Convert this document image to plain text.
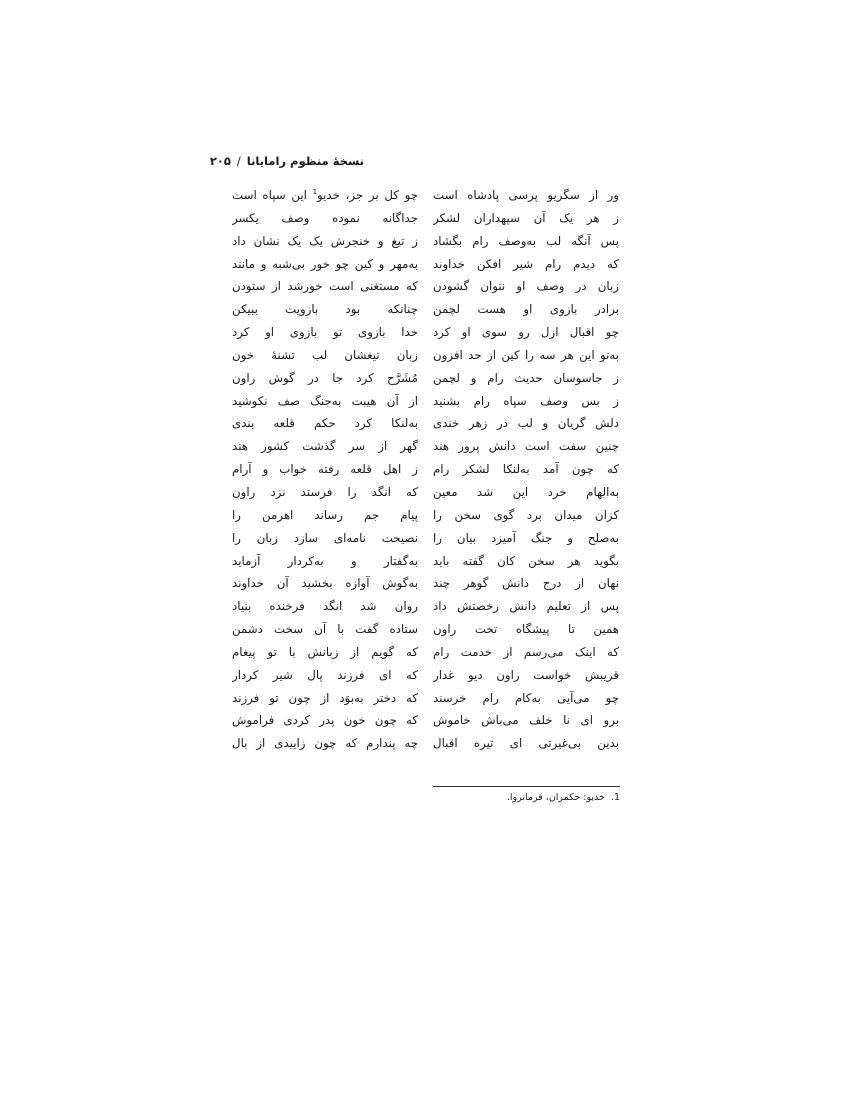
نسخهٔ منظوم رامایانا
/
۲۰۵
ور از سگریو پرسی پادشاه است
ز هر یک آن سپهداران لشکر
پس آنگه لب به‌وصف رام بگشاد
که دیدم رام شیر افکن خداوند
زبان در وصف او نتوان گشودن
برادر بازوی او هست لچمن
چو اقبال ازل رو سوی او کرد
به‌تو این هر سه را کین از حد افزون
ز جاسوسان حدیث رام و لچمن
ز بس وصف سپاه رام بشنید
دلش گریان و لب در زهر خندی
چنین سفت است دانش پرور هند
که چون آمد به‌لنکا لشکر رام
به‌الهام خرد این شد معین
کزان میدان برد گوی سخن را
به‌صلح و جنگ آمیزد بیان را
بگوید هر سخن کان گفته باید
نهان از درج دانش گوهر چند
پس از تعلیم دانش رخصتش داد
همین تا پیشگاه تخت راون
که اینک می‌رسم از خدمت رام
قریبش خواست راون دیو غدار
چو می‌آیی به‌کام رام خرسند
برو ای نا خلف می‌باش خاموش
بدین بی‌غیرتی ای تیره اقبال
چو کل بر جز، خدیو$^1$ این سپاه است
جداگانه نموده وصف یکسر
ز تیغ و خنجرش یک یک نشان داد
به‌مهر و کین چو خور بی‌شبه و مانند
که مستغنی است خورشد از ستودن
چنانکه بود بازویت ببیکن
خدا بازوی تو بازوی او کرد
زبان تیغشان لب تشنهٔ خون
مُشَرَّح کرد جا در گوش راون
از آن هیبت به‌جنگ صف نکوشید
به‌لنکا کرد حکم قلعه بندی
گهر از سر گذشت کشور هند
ز اهل قلعه رفته خواب و آرام
که انگد را فرستد نزد راون
پیام جم رساند اهرمن را
نصیحت نامه‌ای سازد زبان را
به‌گفتار و به‌کردار آزماید
به‌گوش آوازه بخشید آن خداوند
روان شد انگد فرخنده بنیاد
ستاده گفت با آن سخت دشمن
که گویم از زبانش با تو پیغام
که ای فرزند پال شیر کردار
که دختر به‌بوَد از چون تو فرزند
که چون خون پدر کردی فراموش
چه پندارم که چون زاییدی از بال
1.
خدیو: حکمران، فرمانروا.
